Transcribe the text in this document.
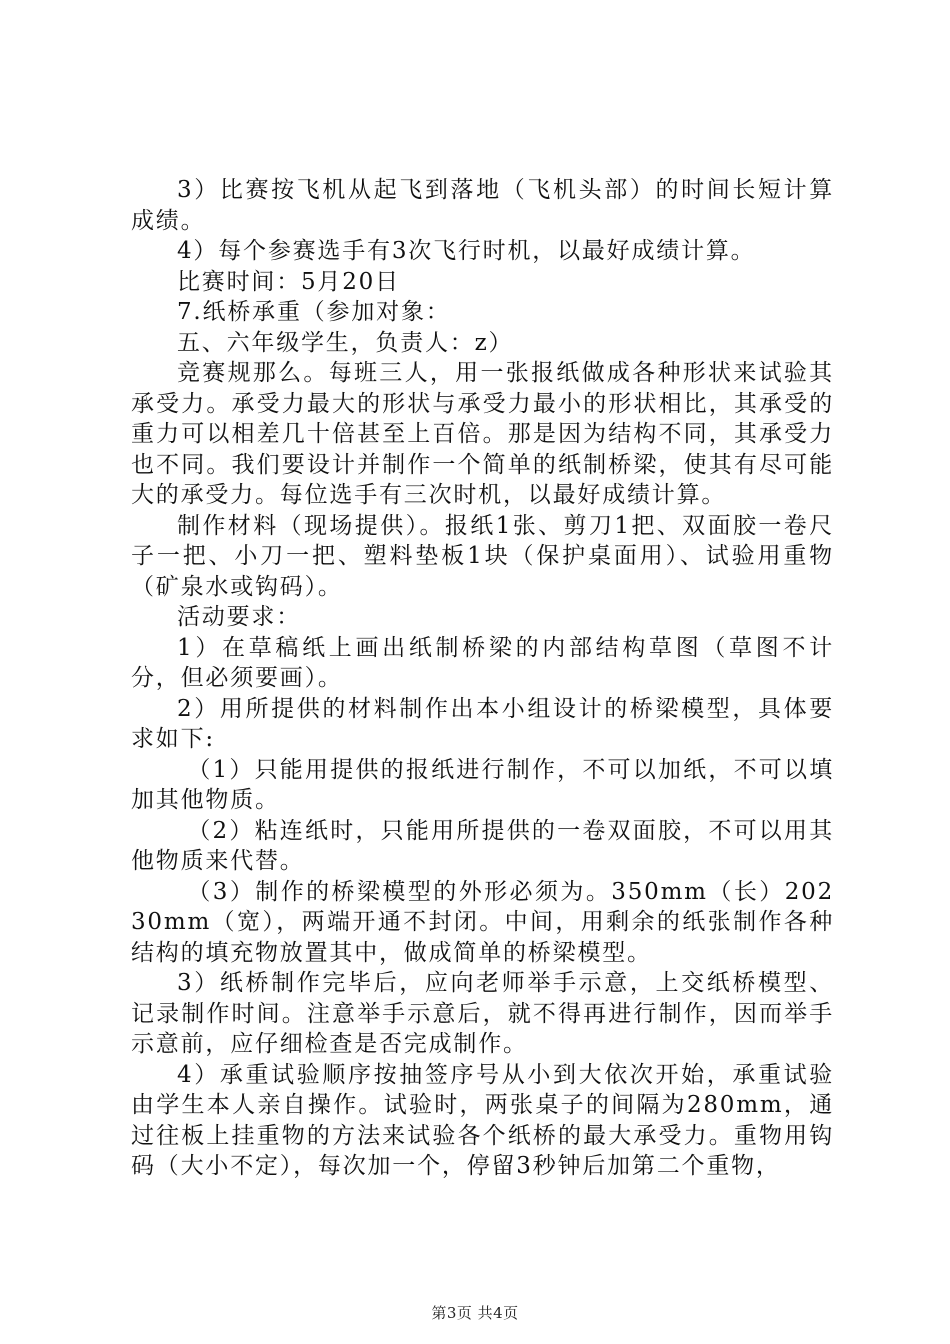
3）比赛按飞机从起飞到落地（飞机头部）的时间长短计算成绩。

4）每个参赛选手有3次飞行时机，以最好成绩计算。

比赛时间：5月20日

7.纸桥承重（参加对象：

五、六年级学生，负责人：z）

竞赛规那么。每班三人，用一张报纸做成各种形状来试验其承受力。承受力最大的形状与承受力最小的形状相比，其承受的重力可以相差几十倍甚至上百倍。那是因为结构不同，其承受力也不同。我们要设计并制作一个简单的纸制桥梁，使其有尽可能大的承受力。每位选手有三次时机，以最好成绩计算。

制作材料（现场提供）。报纸1张、剪刀1把、双面胶一卷尺子一把、小刀一把、塑料垫板1块（保护桌面用）、试验用重物（矿泉水或钩码）。

活动要求：

1）在草稿纸上画出纸制桥梁的内部结构草图（草图不计分，但必须要画）。

2）用所提供的材料制作出本小组设计的桥梁模型，具体要求如下:

（1）只能用提供的报纸进行制作，不可以加纸，不可以填加其他物质。

（2）粘连纸时，只能用所提供的一卷双面胶，不可以用其他物质来代替。

（3）制作的桥梁模型的外形必须为。350mm（长）20230mm（宽），两端开通不封闭。中间，用剩余的纸张制作各种结构的填充物放置其中，做成简单的桥梁模型。

3）纸桥制作完毕后，应向老师举手示意，上交纸桥模型、记录制作时间。注意举手示意后，就不得再进行制作，因而举手示意前，应仔细检查是否完成制作。

4）承重试验顺序按抽签序号从小到大依次开始，承重试验由学生本人亲自操作。试验时，两张桌子的间隔为280mm，通过往板上挂重物的方法来试验各个纸桥的最大承受力。重物用钩码（大小不定），每次加一个，停留3秒钟后加第二个重物，

第3页 共4页
